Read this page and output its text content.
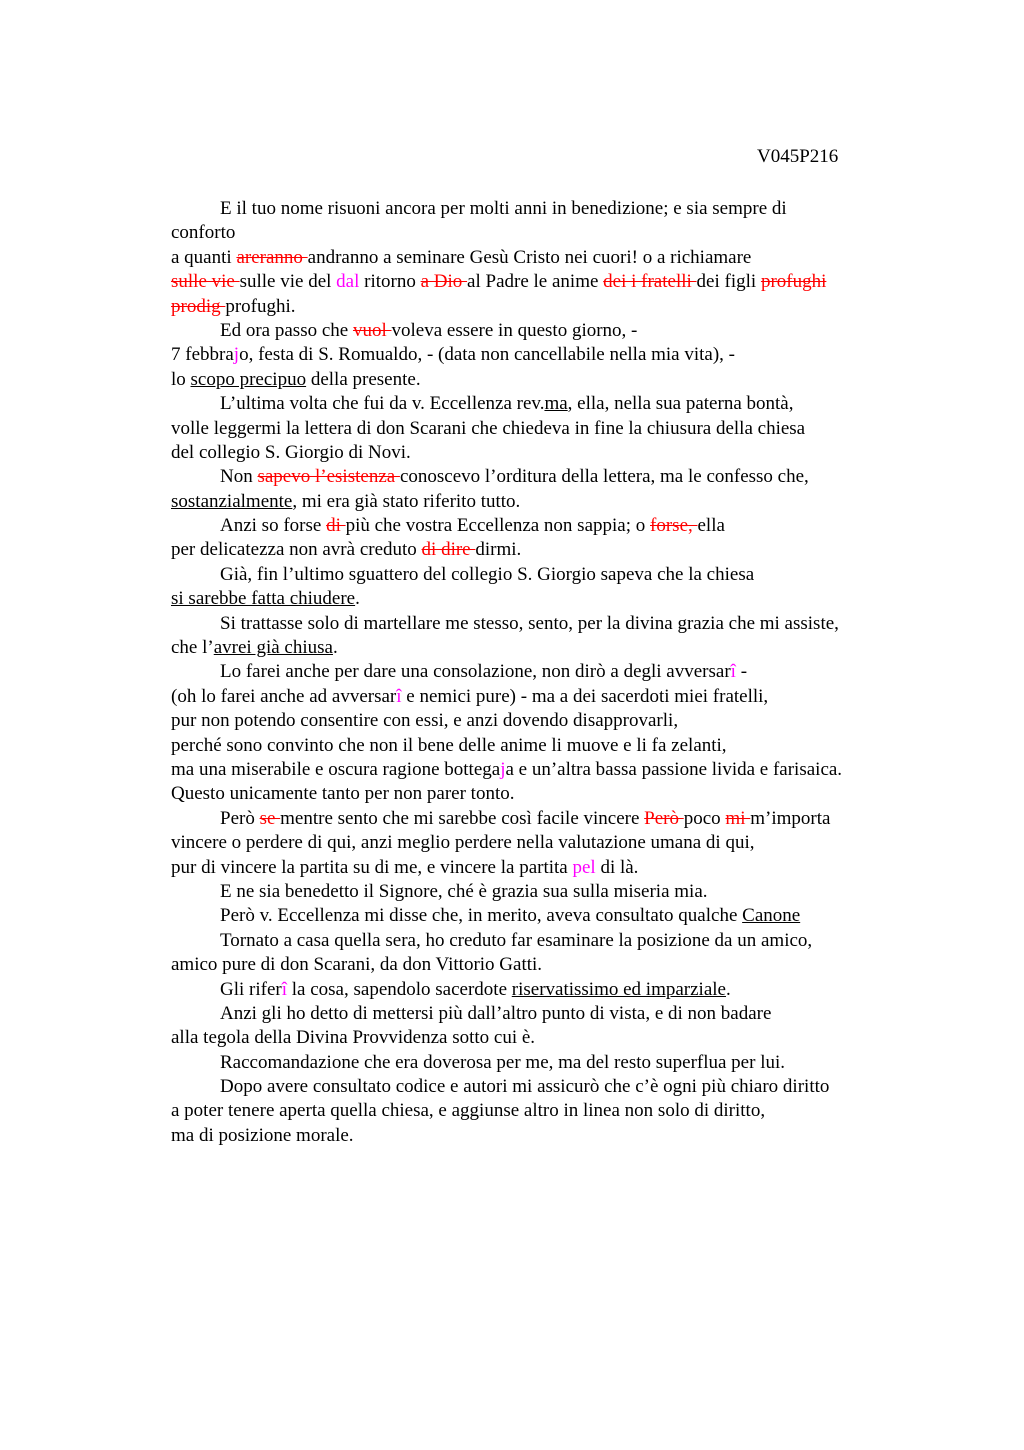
V045P216
E il tuo nome risuoni ancora per molti anni in benedizione; e sia sempre di
conforto
a quanti areranno andranno a seminare Gesù Cristo nei cuori! o a richiamare
sulle vie sulle vie del dal ritorno a Dio al Padre le anime dei i fratelli dei figli profughi
prodig profughi.
Ed ora passo che vuol voleva essere in questo giorno, -
7 febbrajo, festa di S. Romualdo, - (data non cancellabile nella mia vita), -
lo scopo precipuo della presente.
L’ultima volta che fui da v. Eccellenza rev.ma, ella, nella sua paterna bontà,
volle leggermi la lettera di don Scarani che chiedeva in fine la chiusura della chiesa
del collegio S. Giorgio di Novi.
Non sapevo l’esistenza conoscevo l’orditura della lettera, ma le confesso che,
sostanzialmente, mi era già stato riferito tutto.
Anzi so forse di più che vostra Eccellenza non sappia; o forse, ella
per delicatezza non avrà creduto di dire dirmi.
Già, fin l’ultimo sguattero del collegio S. Giorgio sapeva che la chiesa
si sarebbe fatta chiudere.
Si trattasse solo di martellare me stesso, sento, per la divina grazia che mi assiste,
che l’avrei già chiusa.
Lo farei anche per dare una consolazione, non dirò a degli avversarî -
(oh lo farei anche ad avversarî e nemici pure) - ma a dei sacerdoti miei fratelli,
pur non potendo consentire con essi, e anzi dovendo disapprovarli,
perché sono convinto che non il bene delle anime li muove e li fa zelanti,
ma una miserabile e oscura ragione bottegaja e un’altra bassa passione livida e farisaica.
Questo unicamente tanto per non parer tonto.
Però se mentre sento che mi sarebbe così facile vincere Però poco mi m’importa
vincere o perdere di qui, anzi meglio perdere nella valutazione umana di qui,
pur di vincere la partita su di me, e vincere la partita pel di là.
E ne sia benedetto il Signore, ché è grazia sua sulla miseria mia.
Però v. Eccellenza mi disse che, in merito, aveva consultato qualche Canone
Tornato a casa quella sera, ho creduto far esaminare la posizione da un amico,
amico pure di don Scarani, da don Vittorio Gatti.
Gli riferî la cosa, sapendolo sacerdote riservatissimo ed imparziale.
Anzi gli ho detto di mettersi più dall’altro punto di vista, e di non badare
alla tegola della Divina Provvidenza sotto cui è.
Raccomandazione che era doverosa per me, ma del resto superflua per lui.
Dopo avere consultato codice e autori mi assicurò che c’è ogni più chiaro diritto
a poter tenere aperta quella chiesa, e aggiunse altro in linea non solo di diritto,
ma di posizione morale.
